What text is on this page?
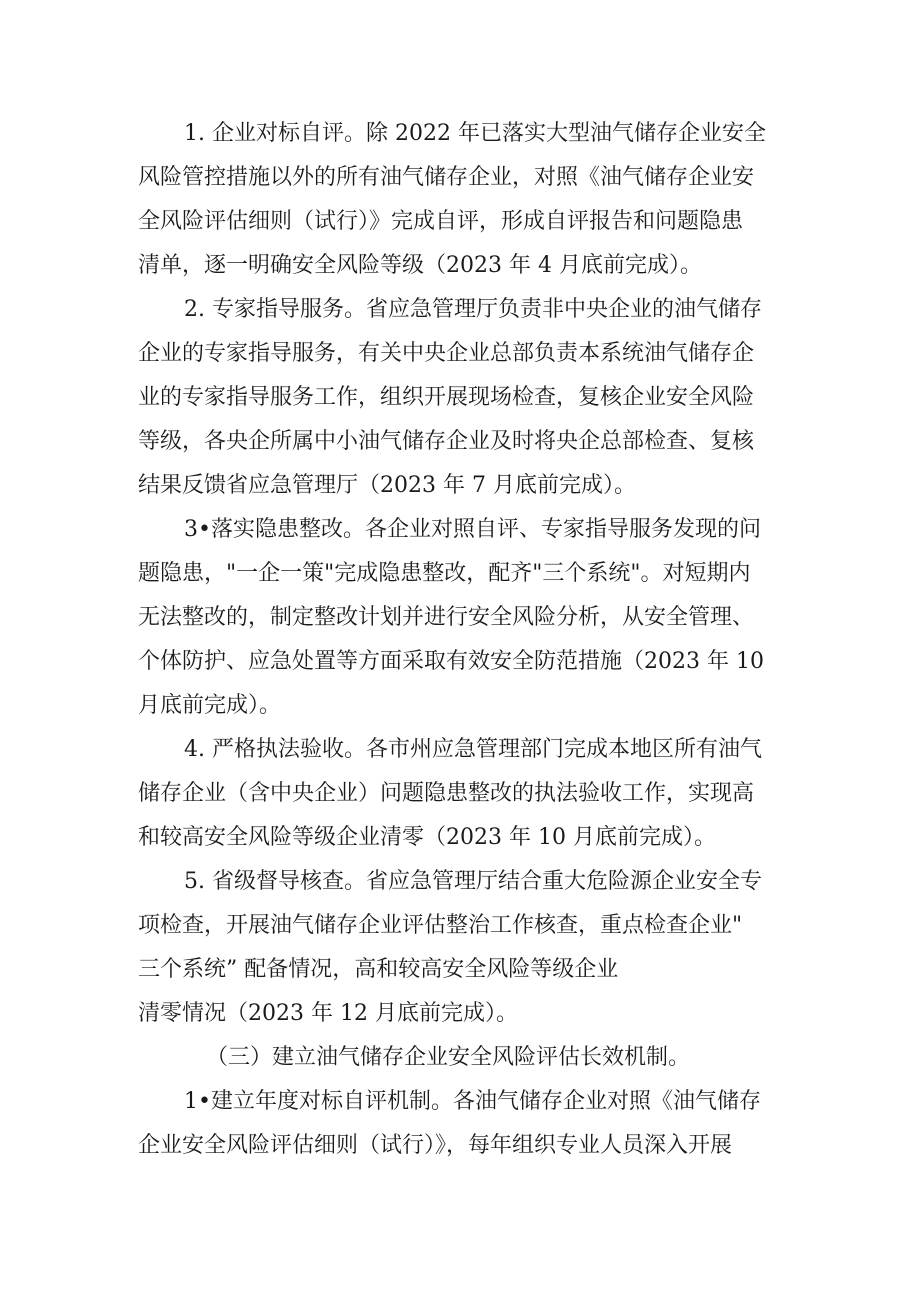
1. 企业对标自评。除 2022 年已落实大型油气储存企业安全
风险管控措施以外的所有油气储存企业，对照《油气储存企业安
全风险评估细则（试行）》完成自评，形成自评报告和问题隐患
清单，逐一明确安全风险等级（2023 年 4 月底前完成）。
2. 专家指导服务。省应急管理厅负责非中央企业的油气储存
企业的专家指导服务，有关中央企业总部负责本系统油气储存企
业的专家指导服务工作，组织开展现场检查，复核企业安全风险
等级，各央企所属中小油气储存企业及时将央企总部检查、复核
结果反馈省应急管理厅（2023 年 7 月底前完成）。
3•落实隐患整改。各企业对照自评、专家指导服务发现的问
题隐患，"一企一策"完成隐患整改，配齐"三个系统"。对短期内
无法整改的，制定整改计划并进行安全风险分析，从安全管理、
个体防护、应急处置等方面采取有效安全防范措施（2023 年 10
月底前完成）。
4. 严格执法验收。各市州应急管理部门完成本地区所有油气
储存企业（含中央企业）问题隐患整改的执法验收工作，实现高
和较高安全风险等级企业清零（2023 年 10 月底前完成）。
5. 省级督导核查。省应急管理厅结合重大危险源企业安全专
项检查，开展油气储存企业评估整治工作核查，重点检查企业"
三个系统” 配备情况，高和较高安全风险等级企业
清零情况（2023 年 12 月底前完成）。
（三）建立油气储存企业安全风险评估长效机制。
1•建立年度对标自评机制。各油气储存企业对照《油气储存
企业安全风险评估细则（试行）》，每年组织专业人员深入开展
